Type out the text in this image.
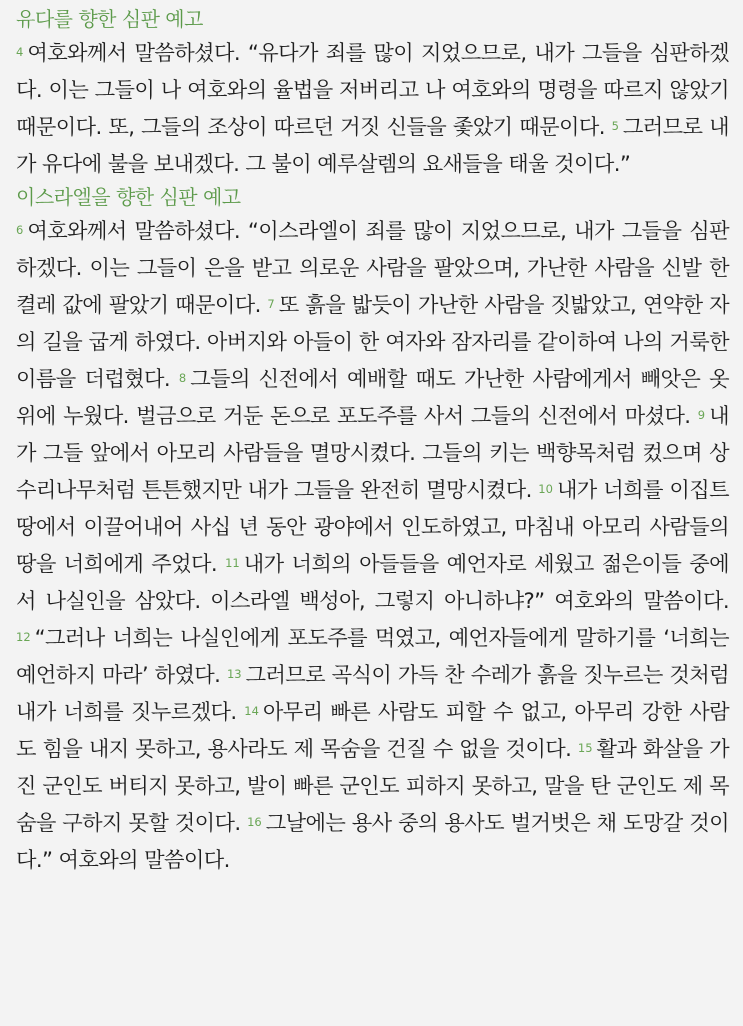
유다를 향한 심판 예고

4 여호와께서 말씀하셨다. “유다가 죄를 많이 지었으므로, 내가 그들을 심판하겠다. 이는 그들이 나 여호와의 율법을 저버리고 나 여호와의 명령을 따르지 않았기 때문이다. 또, 그들의 조상이 따르던 거짓 신들을 좇았기 때문이다. 5 그러므로 내가 유다에 불을 보내겠다. 그 불이 예루살렘의 요새들을 태울 것이다.”

이스라엘을 향한 심판 예고

6 여호와께서 말씀하셨다. “이스라엘이 죄를 많이 지었으므로, 내가 그들을 심판하겠다. 이는 그들이 은을 받고 의로운 사람을 팔았으며, 가난한 사람을 신발 한 켤레 값에 팔았기 때문이다. 7 또 흙을 밟듯이 가난한 사람을 짓밟았고, 연약한 자의 길을 굽게 하였다. 아버지와 아들이 한 여자와 잠자리를 같이하여 나의 거룩한 이름을 더럽혔다. 8 그들의 신전에서 예배할 때도 가난한 사람에게서 빼앗은 옷 위에 누웠다. 벌금으로 거둔 돈으로 포도주를 사서 그들의 신전에서 마셨다. 9 내가 그들 앞에서 아모리 사람들을 멸망시켰다. 그들의 키는 백향목처럼 컸으며 상수리나무처럼 튼튼했지만 내가 그들을 완전히 멸망시켰다. 10 내가 너희를 이집트 땅에서 이끌어내어 사십 년 동안 광야에서 인도하였고, 마침내 아모리 사람들의 땅을 너희에게 주었다. 11 내가 너희의 아들들을 예언자로 세웠고 젊은이들 중에서 나실인을 삼았다. 이스라엘 백성아, 그렇지 아니하냐?” 여호와의 말씀이다. 12 “그러나 너희는 나실인에게 포도주를 먹였고, 예언자들에게 말하기를 ‘너희는 예언하지 마라’ 하였다. 13 그러므로 곡식이 가득 찬 수레가 흙을 짓누르는 것처럼 내가 너희를 짓누르겠다. 14 아무리 빠른 사람도 피할 수 없고, 아무리 강한 사람도 힘을 내지 못하고, 용사라도 제 목숨을 건질 수 없을 것이다. 15 활과 화살을 가진 군인도 버티지 못하고, 발이 빠른 군인도 피하지 못하고, 말을 탄 군인도 제 목숨을 구하지 못할 것이다. 16 그날에는 용사 중의 용사도 벌거벗은 채 도망갈 것이다.” 여호와의 말씀이다.
